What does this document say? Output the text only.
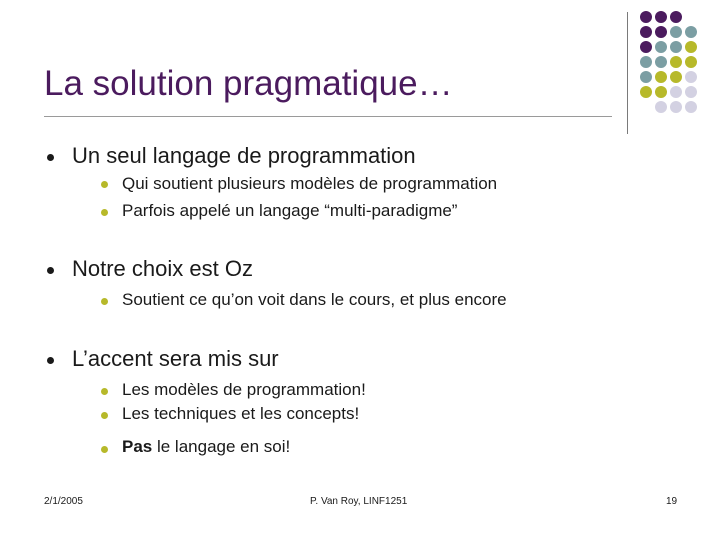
La solution pragmatique…
Un seul langage de programmation
Qui soutient plusieurs modèles de programmation
Parfois appelé un langage “multi-paradigme”
Notre choix est Oz
Soutient ce qu’on voit dans le cours, et plus encore
L’accent sera mis sur
Les modèles de programmation!
Les techniques et les concepts!
Pas le langage en soi!
2/1/2005	P. Van Roy, LINF1251	19
